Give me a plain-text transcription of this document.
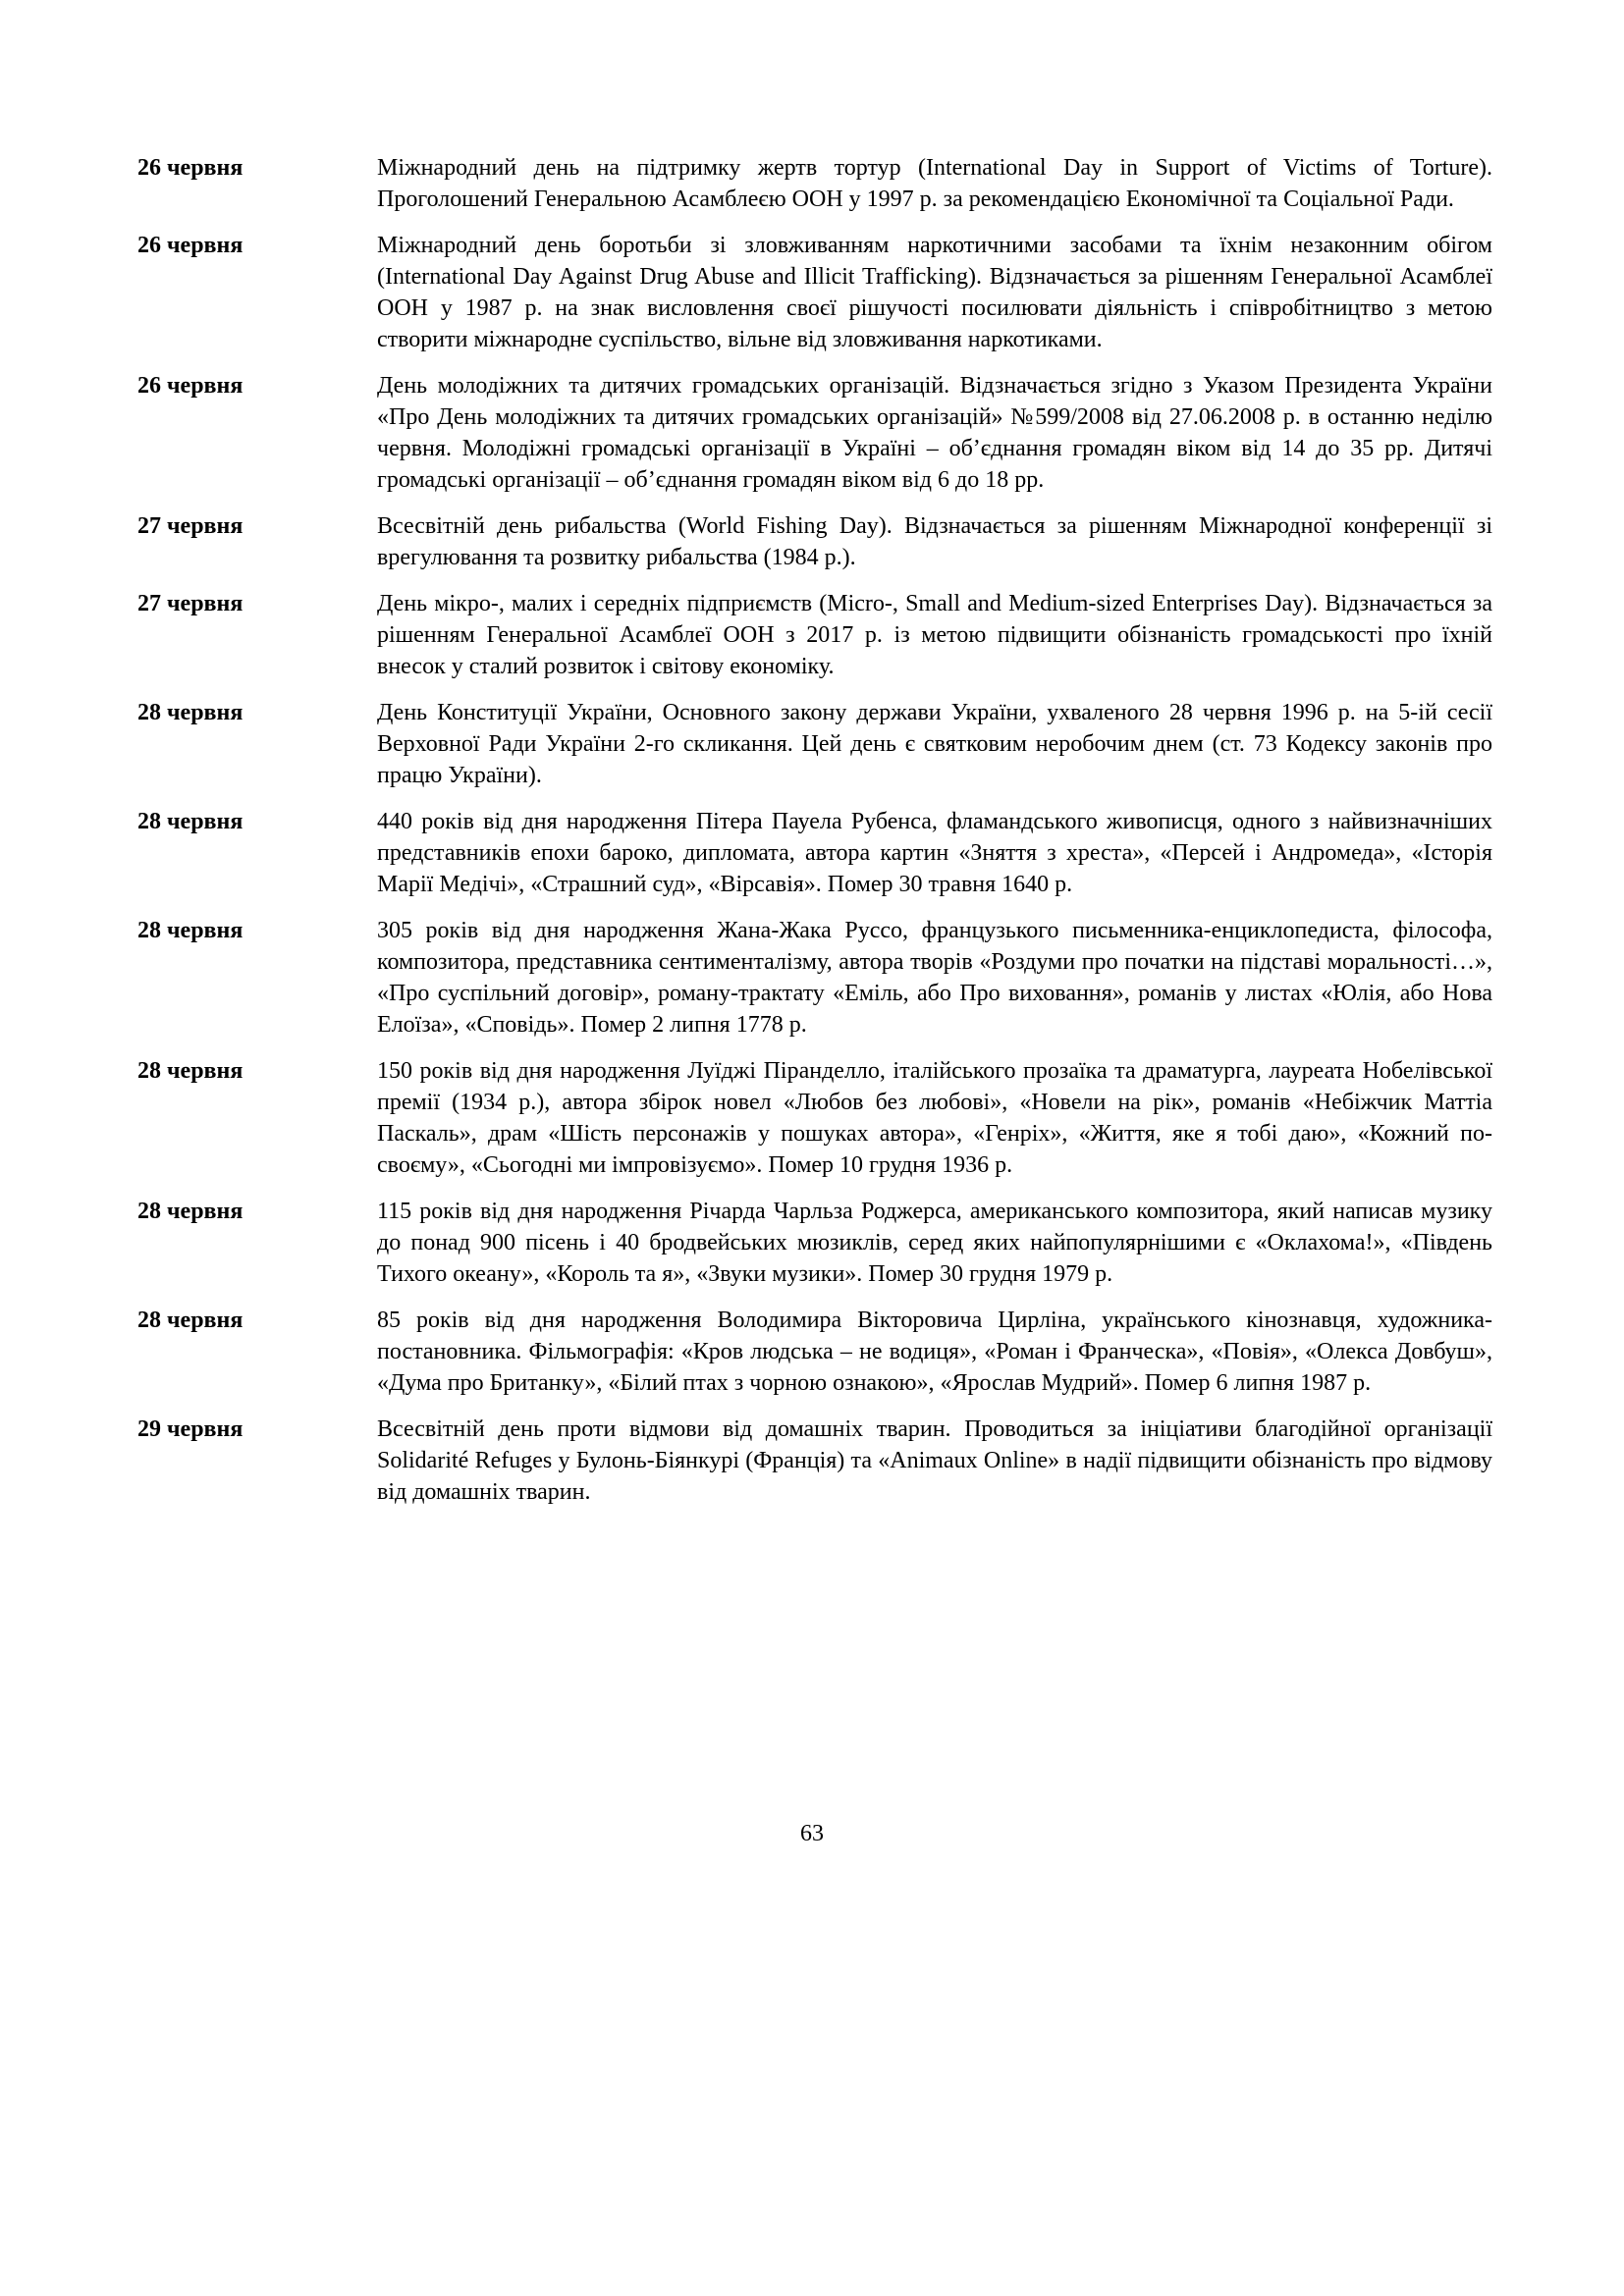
26 червня	Міжнародний день на підтримку жертв тортур (International Day in Support of Victims of Torture). Проголошений Генеральною Асамблеєю ООН у 1997 р. за рекомендацією Економічної та Соціальної Ради.
26 червня	Міжнародний день боротьби зі зловживанням наркотичними засобами та їхнім незаконним обігом (International Day Against Drug Abuse and Illicit Trafficking). Відзначається за рішенням Генеральної Асамблеї ООН у 1987 р. на знак висловлення своєї рішучості посилювати діяльність і співробітництво з метою створити міжнародне суспільство, вільне від зловживання наркотиками.
26 червня	День молодіжних та дитячих громадських організацій. Відзначається згідно з Указом Президента України «Про День молодіжних та дитячих громадських організацій» №599/2008 від 27.06.2008 р. в останню неділю червня. Молодіжні громадські організації в Україні – об’єднання громадян віком від 14 до 35 рр. Дитячі громадські організації – об’єднання громадян віком від 6 до 18 рр.
27 червня	Всесвітній день рибальства (World Fishing Day). Відзначається за рішенням Міжнародної конференції зі врегулювання та розвитку рибальства (1984 р.).
27 червня	День мікро-, малих і середніх підприємств (Micro-, Small and Medium-sized Enterprises Day). Відзначається за рішенням Генеральної Асамблеї ООН з 2017 р. із метою підвищити обізнаність громадськості про їхній внесок у сталий розвиток і світову економіку.
28 червня	День Конституції України, Основного закону держави України, ухваленого 28 червня 1996 р. на 5-ій сесії Верховної Ради України 2-го скликання. Цей день є святковим неробочим днем (ст. 73 Кодексу законів про працю України).
28 червня	440 років від дня народження Пітера Пауела Рубенса, фламандського живописця, одного з найвизначніших представників епохи бароко, дипломата, автора картин «Зняття з хреста», «Персей і Андромеда», «Історія Марії Медічі», «Страшний суд», «Вірсавія». Помер 30 травня 1640 р.
28 червня	305 років від дня народження Жана-Жака Руссо, французького письменника-енциклопедиста, філософа, композитора, представника сентименталізму, автора творів «Роздуми про початки на підставі моральності…», «Про суспільний договір», роману-трактату «Еміль, або Про виховання», романів у листах «Юлія, або Нова Елоїза», «Сповідь». Помер 2 липня 1778 р.
28 червня	150 років від дня народження Луїджі Піранделло, італійського прозаїка та драматурга, лауреата Нобелівської премії (1934 р.), автора збірок новел «Любов без любові», «Новели на рік», романів «Небіжчик Маттіа Паскаль», драм «Шість персонажів у пошуках автора», «Генріх», «Життя, яке я тобі даю», «Кожний по-своєму», «Сьогодні ми імпровізуємо». Помер 10 грудня 1936 р.
28 червня	115 років від дня народження Річарда Чарльза Роджерса, американського композитора, який написав музику до понад 900 пісень і 40 бродвейських мюзиклів, серед яких найпопулярнішими є «Оклахома!», «Південь Тихого океану», «Король та я», «Звуки музики». Помер 30 грудня 1979 р.
28 червня	85 років від дня народження Володимира Вікторовича Цирліна, українського кінознавця, художника-постановника. Фільмографія: «Кров людська – не водиця», «Роман і Франческа», «Повія», «Олекса Довбуш», «Дума про Британку», «Білий птах з чорною ознакою», «Ярослав Мудрий». Помер 6 липня 1987 р.
29 червня	Всесвітній день проти відмови від домашніх тварин. Проводиться за ініціативи благодійної організації Solidarité Refuges у Булонь-Біянкурі (Франція) та «Animaux Online» в надії підвищити обізнаність про відмову від домашніх тварин.
63
